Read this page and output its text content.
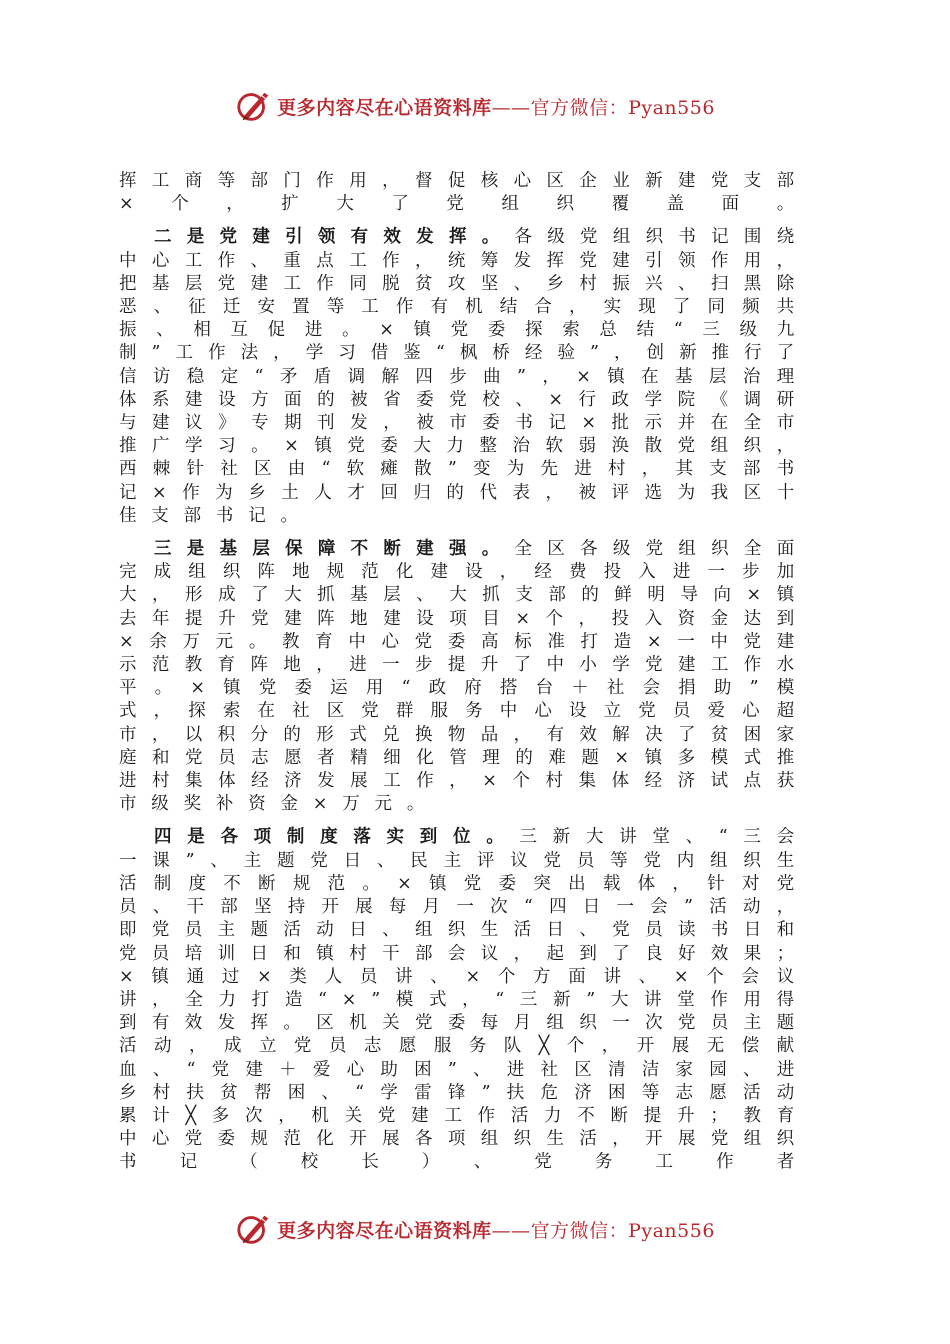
更多内容尽在心语资料库——官方微信：Pyan556

挥工商等部门作用，督促核心区企业新建党支部×个，扩大了党组织覆盖面。

二是党建引领有效发挥。各级党组织书记围绕中心工作、重点工作，统筹发挥党建引领作用，把基层党建工作同脱贫攻坚、乡村振兴、扫黑除恶、征迁安置等工作有机结合，实现了同频共振、相互促进。×镇党委探索总结“三级九制”工作法，学习借鉴“枫桥经验”，创新推行了信访稳定“矛盾调解四步曲”，×镇在基层治理体系建设方面的被省委党校、×行政学院《调研与建议》专期刊发，被市委书记×批示并在全市推广学习。×镇党委大力整治软弱涣散党组织，西棘针社区由“软瘫散”变为先进村，其支部书记×作为乡土人才回归的代表，被评选为我区十佳支部书记。

三是基层保障不断建强。全区各级党组织全面完成组织阵地规范化建设，经费投入进一步加大，形成了大抓基层、大抓支部的鲜明导向×镇去年提升党建阵地建设项目×个，投入资金达到×余万元。教育中心党委高标准打造×一中党建示范教育阵地，进一步提升了中小学党建工作水平。×镇党委运用“政府搭台＋社会捐助”模式，探索在社区党群服务中心设立党员爱心超市，以积分的形式兑换物品，有效解决了贫困家庭和党员志愿者精细化管理的难题×镇多模式推进村集体经济发展工作，×个村集体经济试点获市级奖补资金×万元。

四是各项制度落实到位。三新大讲堂、“三会一课”、主题党日、民主评议党员等党内组织生活制度不断规范。×镇党委突出载体，针对党员、干部坚持开展每月一次“四日一会”活动，即党员主题活动日、组织生活日、党员读书日和党员培训日和镇村干部会议，起到了良好效果；×镇通过×类人员讲、×个方面讲、×个会议讲，全力打造“×”模式，“三新”大讲堂作用得到有效发挥。区机关党委每月组织一次党员主题活动，成立党员志愿服务队╳个，开展无偿献血、“党建＋爱心助困”、进社区清洁家园、进乡村扶贫帮困、“学雷锋”扶危济困等志愿活动累计╳多次，机关党建工作活力不断提升；教育中心党委规范化开展各项组织生活，开展党组织书记（校长）、党务工作者

更多内容尽在心语资料库——官方微信：Pyan556
